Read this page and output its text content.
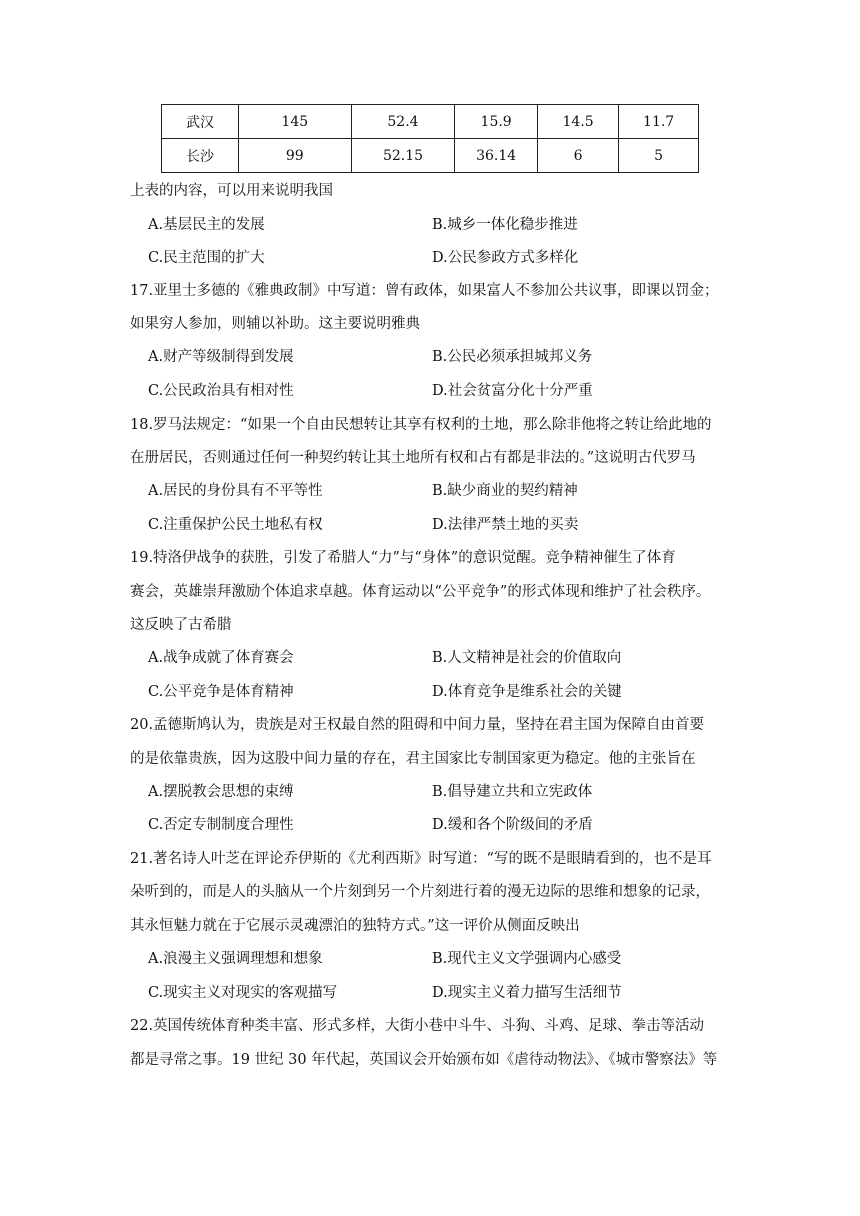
武汉	145	52.4	15.9	14.5	11.7
长沙	99	52.15	36.14	6	5
上表的内容，可以用来说明我国
A.基层民主的发展	B.城乡一体化稳步推进
C.民主范围的扩大	D.公民参政方式多样化
17.亚里士多德的《雅典政制》中写道：曾有政体，如果富人不参加公共议事，即课以罚金；
如果穷人参加，则辅以补助。这主要说明雅典
A.财产等级制得到发展	B.公民必须承担城邦义务
C.公民政治具有相对性	D.社会贫富分化十分严重
18.罗马法规定：“如果一个自由民想转让其享有权利的土地，那么除非他将之转让给此地的
在册居民，否则通过任何一种契约转让其土地所有权和占有都是非法的。”这说明古代罗马
A.居民的身份具有不平等性	B.缺少商业的契约精神
C.注重保护公民土地私有权	D.法律严禁土地的买卖
19.特洛伊战争的获胜，引发了希腊人“力”与“身体”的意识觉醒。竞争精神催生了体育
赛会，英雄崇拜激励个体追求卓越。体育运动以“公平竞争”的形式体现和维护了社会秩序。
这反映了古希腊
A.战争成就了体育赛会	B.人文精神是社会的价值取向
C.公平竞争是体育精神	D.体育竞争是维系社会的关键
20.孟德斯鸠认为，贵族是对王权最自然的阻碍和中间力量，坚持在君主国为保障自由首要
的是依靠贵族，因为这股中间力量的存在，君主国家比专制国家更为稳定。他的主张旨在
A.摆脱教会思想的束缚	B.倡导建立共和立宪政体
C.否定专制制度合理性	D.缓和各个阶级间的矛盾
21.著名诗人叶芝在评论乔伊斯的《尤利西斯》时写道：“写的既不是眼睛看到的，也不是耳
朵听到的，而是人的头脑从一个片刻到另一个片刻进行着的漫无边际的思维和想象的记录，
其永恒魅力就在于它展示灵魂漂泊的独特方式。”这一评价从侧面反映出
A.浪漫主义强调理想和想象	B.现代主义文学强调内心感受
C.现实主义对现实的客观描写	D.现实主义着力描写生活细节
22.英国传统体育种类丰富、形式多样，大街小巷中斗牛、斗狗、斗鸡、足球、拳击等活动
都是寻常之事。19 世纪 30 年代起，英国议会开始颁布如《虐待动物法》、《城市警察法》等
